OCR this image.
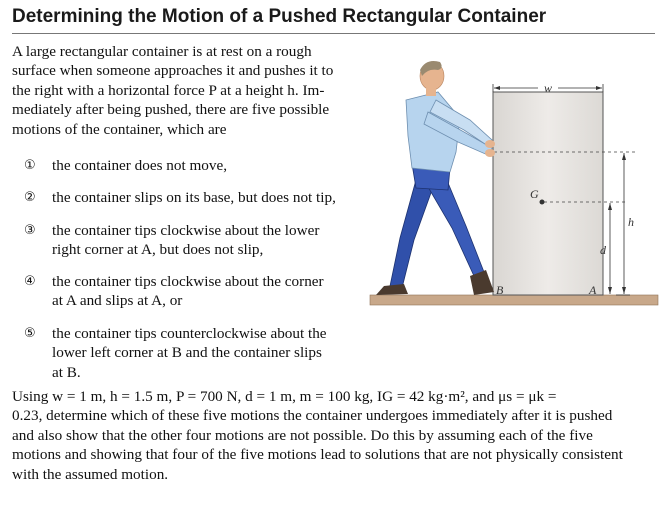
Determining the Motion of a Pushed Rectangular Container
A large rectangular container is at rest on a rough
surface when someone approaches it and pushes it to
the right with a horizontal force P at a height h. Im-
mediately after being pushed, there are five possible
motions of the container, which are
①	the container does not move,
②	the container slips on its base, but does not tip,
③	the container tips clockwise about the lower
right corner at A, but does not slip,
④	the container tips clockwise about the corner
at A and slips at A, or
⑤	the container tips counterclockwise about the
lower left corner at B and the container slips
at B.
Using w = 1 m, h = 1.5 m, P = 700 N, d = 1 m, m = 100 kg, IG = 42 kg·m², and μs = μk =
0.23, determine which of these five motions the container undergoes immediately after it is pushed
and also show that the other four motions are not possible. Do this by assuming each of the five
motions and showing that four of the five motions lead to solutions that are not physically consistent
with the assumed motion.
w
G
h
d
B	A
